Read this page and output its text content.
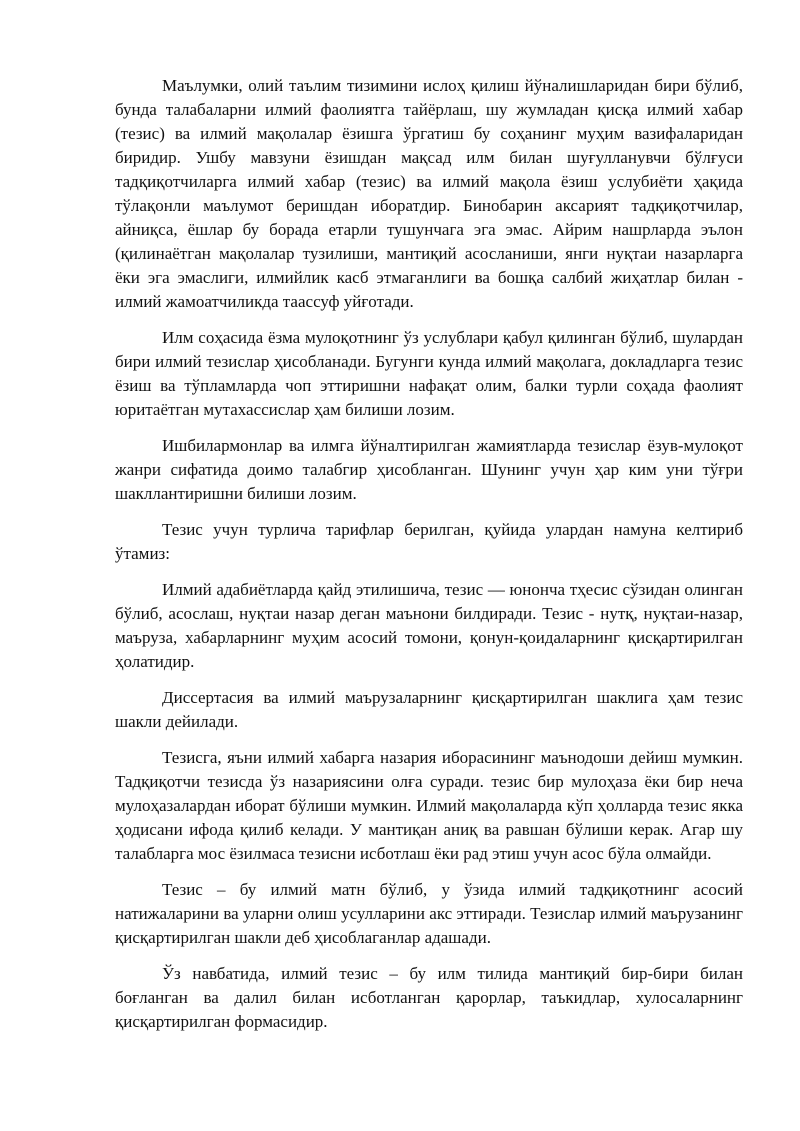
Маълумки, олий таълим тизимини ислоҳ қилиш йўналишларидан бири бўлиб, бунда талабаларни илмий фаолиятга тайёрлаш, шу жумладан қисқа илмий хабар (тезис) ва илмий мақолалар ёзишга ўргатиш бу соҳанинг муҳим вазифаларидан биридир. Ушбу мавзуни ёзишдан мақсад илм билан шуғулланувчи бўлғуси тадқиқотчиларга илмий хабар (тезис) ва илмий мақола ёзиш услубиёти ҳақида тўлақонли маълумот беришдан иборатдир. Бинобарин аксарият тадқиқотчилар, айниқса, ёшлар бу борада етарли тушунчага эга эмас. Айрим нашрларда эълон (қилинаётган мақолалар тузилиши, мантиқий асосланиши, янги нуқтаи назарларга ёки эга эмаслиги, илмийлик касб этмаганлиги ва бошқа салбий жиҳатлар билан - илмий жамоатчиликда таассуф уйғотади.

Илм соҳасида ёзма мулоқотнинг ўз услублари қабул қилинган бўлиб, шулардан бири илмий тезислар ҳисобланади. Бугунги кунда илмий мақолага, докладларга тезис ёзиш ва тўпламларда чоп эттиришни нафақат олим, балки турли соҳада фаолият юритаётган мутахассислар ҳам билиши лозим.

Ишбилармонлар ва илмга йўналтирилган жамиятларда тезислар ёзув-мулоқот жанри сифатида доимо талабгир ҳисобланган. Шунинг учун ҳар ким уни тўғри шакллантиришни билиши лозим.

Тезис учун турлича тарифлар берилган, қуйида улардан намуна келтириб ўтамиз:

Илмий адабиётларда қайд этилишича, тезис — юнонча тҳесис сўзидан олинган бўлиб, асослаш, нуқтаи назар деган маънони билдиради. Тезис - нутқ, нуқтаи-назар, маъруза, хабарларнинг муҳим асосий томони, қонун-қоидаларнинг қисқартирилган ҳолатидир.

Диссертасия ва илмий маърузаларнинг қисқартирилган шаклига ҳам тезис шакли дейилади.

Тезисга, яъни илмий хабарга назария иборасининг маънодоши дейиш мумкин. Тадқиқотчи тезисда ўз назариясини олға суради. тезис бир мулоҳаза ёки бир неча мулоҳазалардан иборат бўлиши мумкин. Илмий мақолаларда кўп ҳолларда тезис якка ҳодисани ифода қилиб келади. У мантиқан аниқ ва равшан бўлиши керак. Агар шу талабларга мос ёзилмаса тезисни исботлаш ёки рад этиш учун асос бўла олмайди.

Тезис – бу илмий матн бўлиб, у ўзида илмий тадқиқотнинг асосий натижаларини ва уларни олиш усулларини акс эттиради. Тезислар илмий маърузанинг қисқартирилган шакли деб ҳисоблаганлар адашади.

Ўз навбатида, илмий тезис – бу илм тилида мантиқий бир-бири билан боғланган ва далил билан исботланган қарорлар, таъкидлар, хулосаларнинг қисқартирилган формасидир.
